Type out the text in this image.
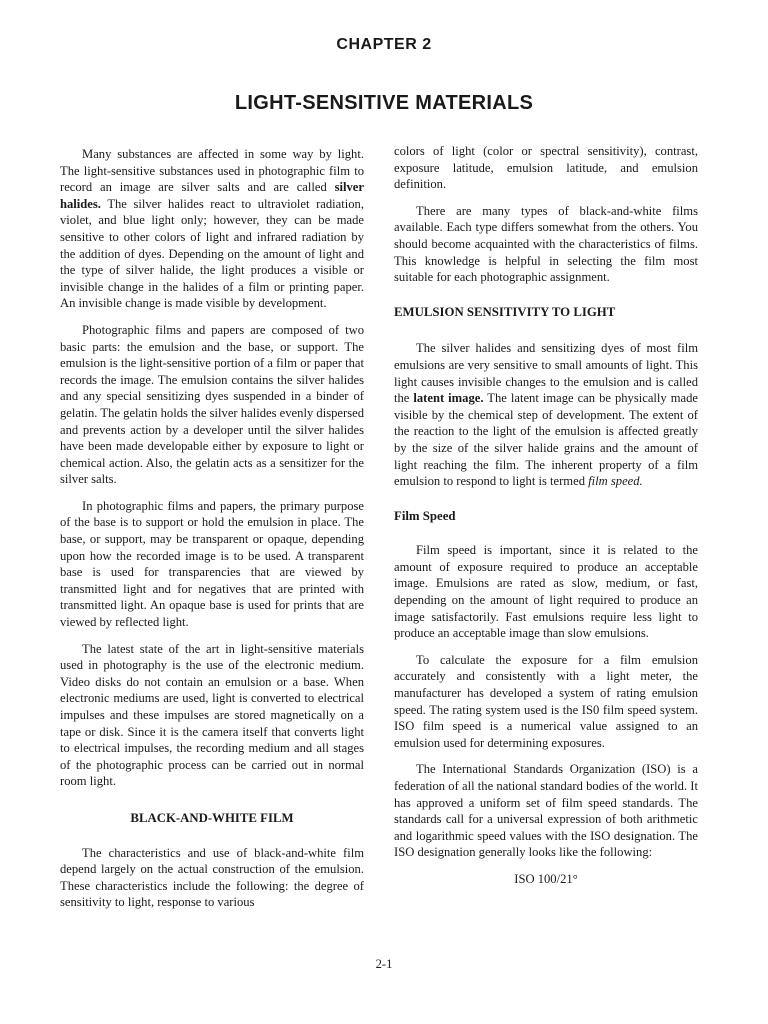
CHAPTER 2
LIGHT-SENSITIVE MATERIALS

Many substances are affected in some way by light. The light-sensitive substances used in photographic film to record an image are silver salts and are called silver halides. The silver halides react to ultraviolet radiation, violet, and blue light only; however, they can be made sensitive to other colors of light and infrared radiation by the addition of dyes. Depending on the amount of light and the type of silver halide, the light produces a visible or invisible change in the halides of a film or printing paper. An invisible change is made visible by development.

Photographic films and papers are composed of two basic parts: the emulsion and the base, or support. The emulsion is the light-sensitive portion of a film or paper that records the image. The emulsion contains the silver halides and any special sensitizing dyes suspended in a binder of gelatin. The gelatin holds the silver halides evenly dispersed and prevents action by a developer until the silver halides have been made developable either by exposure to light or chemical action. Also, the gelatin acts as a sensitizer for the silver salts.

In photographic films and papers, the primary purpose of the base is to support or hold the emulsion in place. The base, or support, may be transparent or opaque, depending upon how the recorded image is to be used. A transparent base is used for transparencies that are viewed by transmitted light and for negatives that are printed with transmitted light. An opaque base is used for prints that are viewed by reflected light.

The latest state of the art in light-sensitive materials used in photography is the use of the electronic medium. Video disks do not contain an emulsion or a base. When electronic mediums are used, light is converted to electrical impulses and these impulses are stored magnetically on a tape or disk. Since it is the camera itself that converts light to electrical impulses, the recording medium and all stages of the photographic process can be carried out in normal room light.

BLACK-AND-WHITE FILM

The characteristics and use of black-and-white film depend largely on the actual construction of the emulsion. These characteristics include the following: the degree of sensitivity to light, response to various

colors of light (color or spectral sensitivity), contrast, exposure latitude, emulsion latitude, and emulsion definition.

There are many types of black-and-white films available. Each type differs somewhat from the others. You should become acquainted with the characteristics of films. This knowledge is helpful in selecting the film most suitable for each photographic assignment.

EMULSION SENSITIVITY TO LIGHT

The silver halides and sensitizing dyes of most film emulsions are very sensitive to small amounts of light. This light causes invisible changes to the emulsion and is called the latent image. The latent image can be physically made visible by the chemical step of development. The extent of the reaction to the light of the emulsion is affected greatly by the size of the silver halide grains and the amount of light reaching the film. The inherent property of a film emulsion to respond to light is termed film speed.

Film Speed

Film speed is important, since it is related to the amount of exposure required to produce an acceptable image. Emulsions are rated as slow, medium, or fast, depending on the amount of light required to produce an image satisfactorily. Fast emulsions require less light to produce an acceptable image than slow emulsions.

To calculate the exposure for a film emulsion accurately and consistently with a light meter, the manufacturer has developed a system of rating emulsion speed. The rating system used is the IS0 film speed system. ISO film speed is a numerical value assigned to an emulsion used for determining exposures.

The International Standards Organization (ISO) is a federation of all the national standard bodies of the world. It has approved a uniform set of film speed standards. The standards call for a universal expression of both arithmetic and logarithmic speed values with the ISO designation. The ISO designation generally looks like the following:

ISO 100/21°

2-1
